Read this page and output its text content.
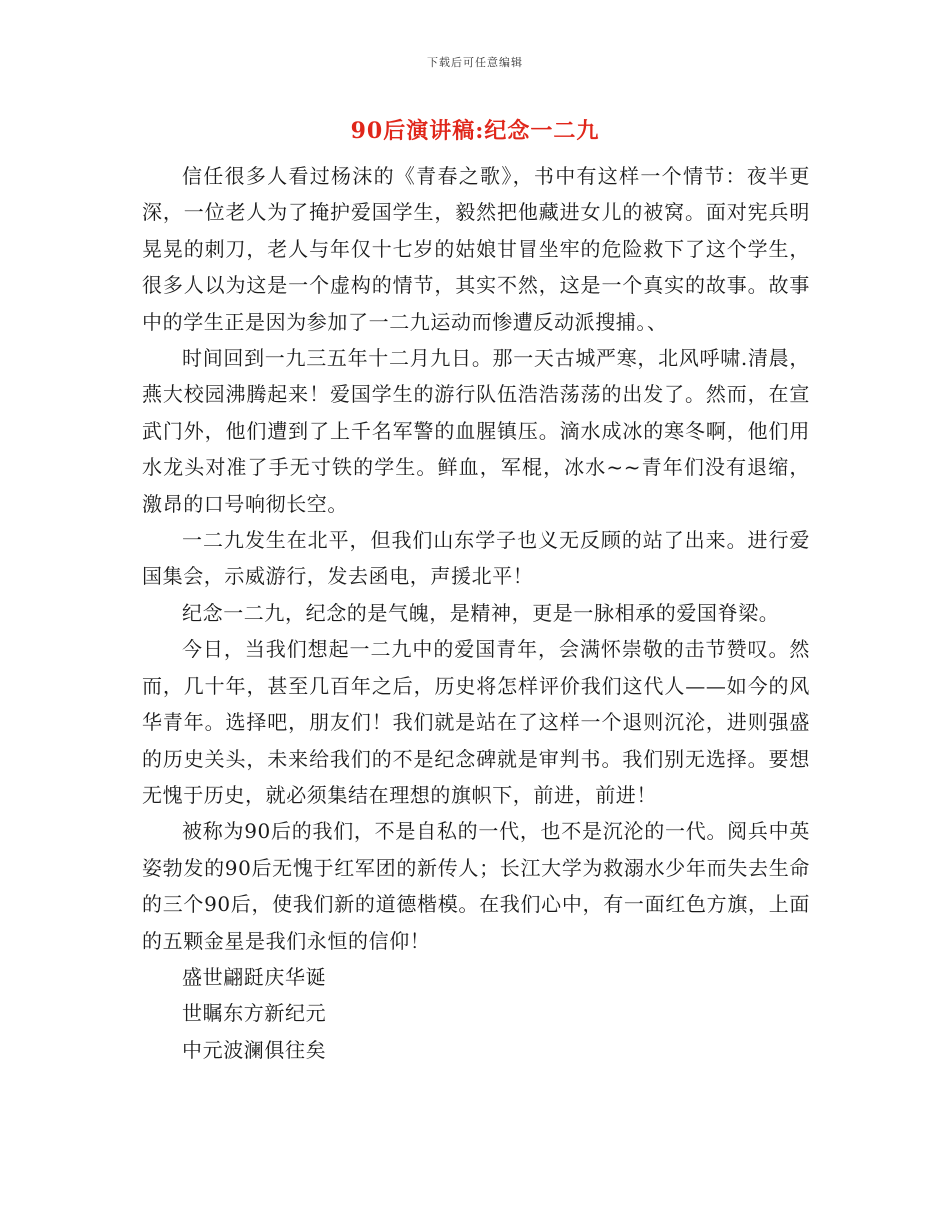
下载后可任意编辑
90后演讲稿:纪念一二九

信任很多人看过杨沫的《青春之歌》，书中有这样一个情节：夜半更深，一位老人为了掩护爱国学生，毅然把他藏进女儿的被窝。面对宪兵明晃晃的刺刀，老人与年仅十七岁的姑娘甘冒坐牢的危险救下了这个学生，很多人以为这是一个虚构的情节，其实不然，这是一个真实的故事。故事中的学生正是因为参加了一二九运动而惨遭反动派搜捕。、

时间回到一九三五年十二月九日。那一天古城严寒，北风呼啸.清晨，燕大校园沸腾起来！爱国学生的游行队伍浩浩荡荡的出发了。然而，在宣武门外，他们遭到了上千名军警的血腥镇压。滴水成冰的寒冬啊，他们用水龙头对准了手无寸铁的学生。鲜血，军棍，冰水~~青年们没有退缩，激昂的口号响彻长空。

一二九发生在北平，但我们山东学子也义无反顾的站了出来。进行爱国集会，示威游行，发去函电，声援北平！

纪念一二九，纪念的是气魄，是精神，更是一脉相承的爱国脊梁。

今日，当我们想起一二九中的爱国青年，会满怀崇敬的击节赞叹。然而，几十年，甚至几百年之后，历史将怎样评价我们这代人——如今的风华青年。选择吧，朋友们！我们就是站在了这样一个退则沉沦，进则强盛的历史关头，未来给我们的不是纪念碑就是审判书。我们别无选择。要想无愧于历史，就必须集结在理想的旗帜下，前进，前进！

被称为90后的我们，不是自私的一代，也不是沉沦的一代。阅兵中英姿勃发的90后无愧于红军团的新传人；长江大学为救溺水少年而失去生命的三个90后，使我们新的道德楷模。在我们心中，有一面红色方旗，上面的五颗金星是我们永恒的信仰！

盛世翩跹庆华诞

世瞩东方新纪元

中元波澜俱往矣
